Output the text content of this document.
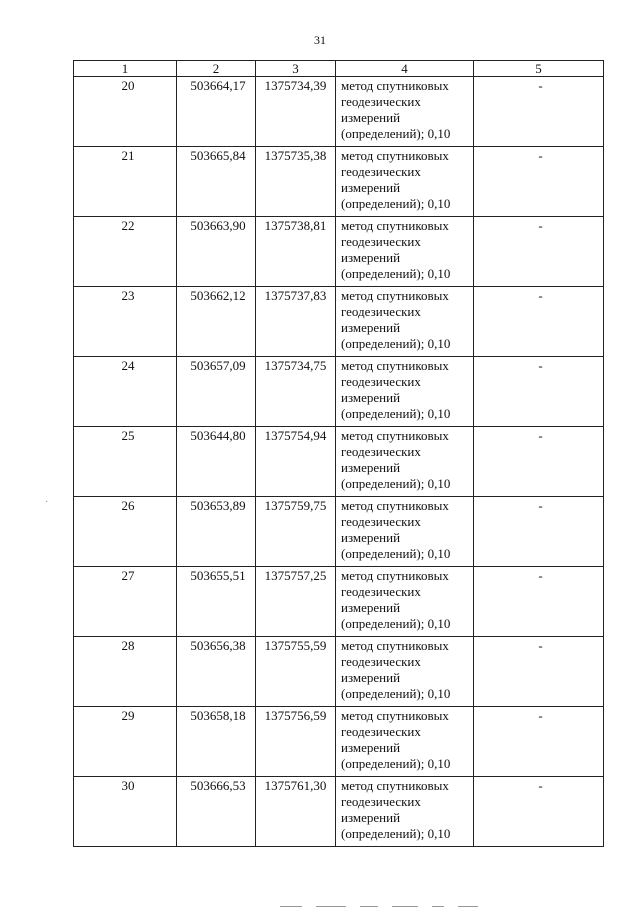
31
·
1	2	3	4	5
20	503664,17	1375734,39	метод спутниковых геодезических измерений (определений); 0,10	-
21	503665,84	1375735,38	метод спутниковых геодезических измерений (определений); 0,10	-
22	503663,90	1375738,81	метод спутниковых геодезических измерений (определений); 0,10	-
23	503662,12	1375737,83	метод спутниковых геодезических измерений (определений); 0,10	-
24	503657,09	1375734,75	метод спутниковых геодезических измерений (определений); 0,10	-
25	503644,80	1375754,94	метод спутниковых геодезических измерений (определений); 0,10	-
26	503653,89	1375759,75	метод спутниковых геодезических измерений (определений); 0,10	-
27	503655,51	1375757,25	метод спутниковых геодезических измерений (определений); 0,10	-
28	503656,38	1375755,59	метод спутниковых геодезических измерений (определений); 0,10	-
29	503658,18	1375756,59	метод спутниковых геодезических измерений (определений); 0,10	-
30	503666,53	1375761,30	метод спутниковых геодезических измерений (определений); 0,10	-
